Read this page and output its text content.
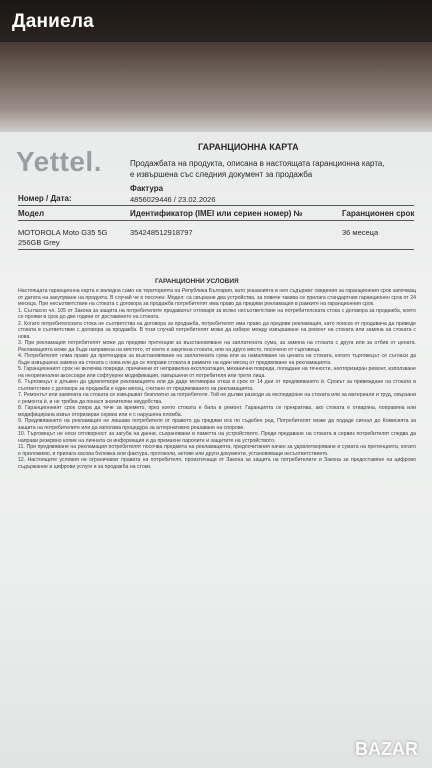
Даниела
Yettel.	ГАРАНЦИОННА КАРТА
Продажбата на продукта, описана в настоящата гаранционна карта,
е извършена със следния документ за продажба
Фактура
Номер / Дата:	4856029446 / 23.02.2026
Модел	Идентификатор (IMEI или сериен номер) №	Гаранционен срок
MOTOROLA Moto G35 5G
256GB Grey
354248512918797	36 месеца
ГАРАНЦИОННИ УСЛОВИЯ

Настоящата гаранционна карта е валидна само на територията на Република България, като указанията в нея съдържат сведения за гаранционния срок започващ от датата на закупуване на продукта. В случай че е посочен: Модел: са свързани два устройства, за повече такива се прилага стандартния гаранционен срок от 24 месеца. При несъответствие на стоката с договора за продажба потребителят има право да предяви рекламация в рамките на гаранционния срок.

1. Съгласно чл. 105 от Закона за защита на потребителите продавачът отговаря за всяко несъответствие на потребителската стока с договора за продажба, което се прояви в срок до две години от доставянето на стоката.

2. Когато потребителската стока не съответства на договора за продажба, потребителят има право да предяви рекламация, като поиска от продавача да приведе стоката в съответствие с договора за продажба. В този случай потребителят може да избере между извършване на ремонт на стоката или замяна на стоката с нова.

3. При рекламация потребителят може да предяви претенции за възстановяване на заплатената сума, за замяна на стоката с друга или за отбив от цената. Рекламацията може да бъде направена на мястото, от което е закупена стоката, или на друго място, посочено от търговеца.

4. Потребителят няма право да претендира за възстановяване на заплатената сума или за намаляване на цената на стоката, когато търговецът се съгласи да бъде извършена замяна на стоката с нова или да се поправи стоката в рамките на един месец от предявяване на рекламацията.

5. Гаранционният срок не включва повреди, причинени от неправилна експлоатация, механични повреди, попадане на течности, неоторизиран ремонт, използване на неоригинални аксесоари или софтуерни модификации, извършени от потребителя или трети лица.

6. Търговецът е длъжен да удовлетвори рекламацията или да даде мотивиран отказ в срок от 14 дни от предявяването ѝ. Срокът за привеждане на стоката в съответствие с договора за продажба е един месец, считано от предявяването на рекламацията.

7. Ремонтът или замяната на стоката се извършват безплатно за потребителя. Той не дължи разходи за експедиране на стоката или за материали и труд, свързани с ремонта ѝ, и не трябва да понася значителни неудобства.

8. Гаранционният срок спира да тече за времето, през което стоката е била в ремонт. Гаранцията се прекратява, ако стоката е отваряна, поправяна или модифицирана извън оторизиран сервиз или е с нарушена пломба.

9. Предявяването на рекламация не лишава потребителя от правото да предяви иск по съдебен ред. Потребителят може да подаде сигнал до Комисията за защита на потребителите или да използва процедура за алтернативно решаване на спорове.

10. Търговецът не носи отговорност за загуба на данни, съхранявани в паметта на устройството. Преди предаване на стоката в сервиз потребителят следва да направи резервно копие на личната си информация и да премахне паролите и защитите на устройството.

11. При предявяване на рекламация потребителят посочва предмета на рекламацията, предпочитания начин за удовлетворяване и сумата на претенцията, когато е приложимо, и прилага касова бележка или фактура, протоколи, актове или други документи, установяващи несъответствието.

12. Настоящите условия не ограничават правата на потребителя, произтичащи от Закона за защита на потребителите и Закона за предоставяне на цифрово съдържание и цифрови услуги и за продажба на стоки.

BAZAR
